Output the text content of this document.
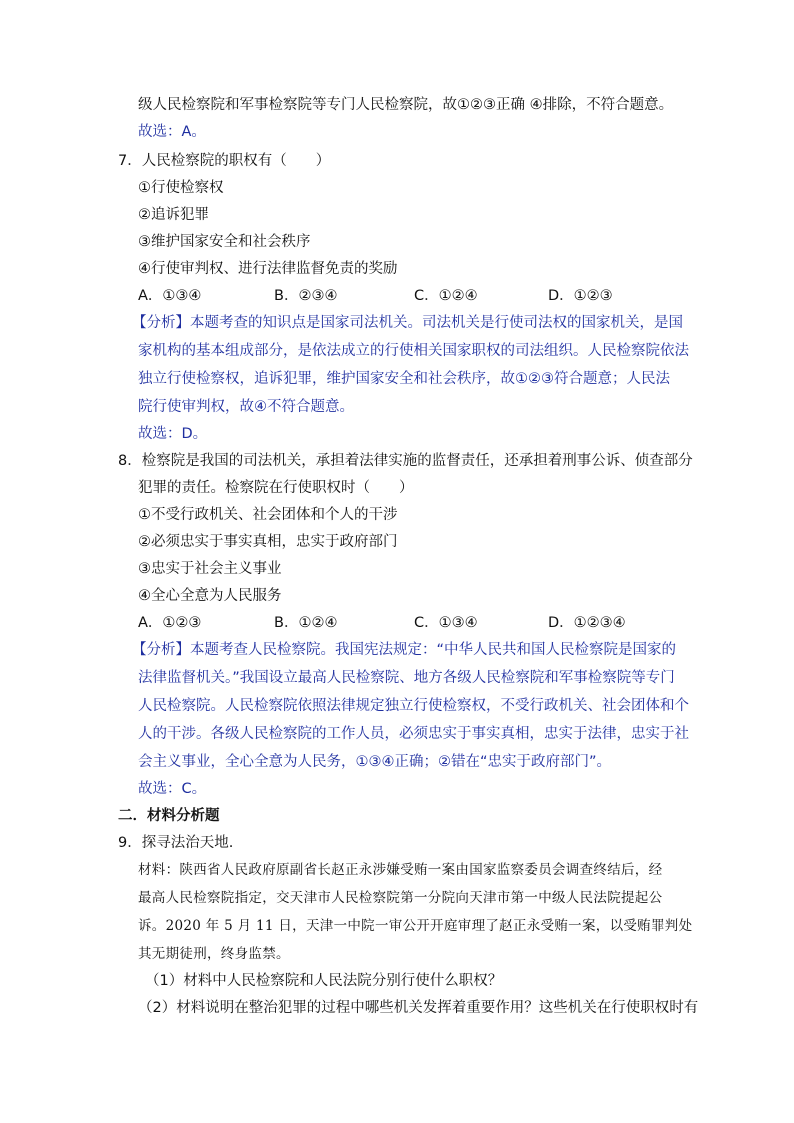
级人民检察院和军事检察院等专门人民检察院，故①②③正确 ④排除，不符合题意。
故选：A。
7．人民检察院的职权有（　　）
①行使检察权
②追诉犯罪
③维护国家安全和社会秩序
④行使审判权、进行法律监督免责的奖励
A．①③④	B．②③④	C．①②④	D．①②③
【分析】本题考查的知识点是国家司法机关。司法机关是行使司法权的国家机关，是国
家机构的基本组成部分，是依法成立的行使相关国家职权的司法组织。人民检察院依法
独立行使检察权，追诉犯罪，维护国家安全和社会秩序，故①②③符合题意；人民法
院行使审判权，故④不符合题意。
故选：D。
8．检察院是我国的司法机关，承担着法律实施的监督责任，还承担着刑事公诉、侦查部分
犯罪的责任。检察院在行使职权时（　　）
①不受行政机关、社会团体和个人的干涉
②必须忠实于事实真相，忠实于政府部门
③忠实于社会主义事业
④全心全意为人民服务
A．①②③	B．①②④	C．①③④	D．①②③④
【分析】本题考查人民检察院。我国宪法规定：“中华人民共和国人民检察院是国家的
法律监督机关。”我国设立最高人民检察院、地方各级人民检察院和军事检察院等专门
人民检察院。人民检察院依照法律规定独立行使检察权，不受行政机关、社会团体和个
人的干涉。各级人民检察院的工作人员，必须忠实于事实真相，忠实于法律，忠实于社
会主义事业，全心全意为人民务，①③④正确；②错在“忠实于政府部门”。
故选：C。
二．材料分析题
9．探寻法治天地.
材料：陕西省人民政府原副省长赵正永涉嫌受贿一案由国家监察委员会调查终结后，经
最高人民检察院指定，交天津市人民检察院第一分院向天津市第一中级人民法院提起公
诉。2020 年 5 月 11 日，天津一中院一审公开开庭审理了赵正永受贿一案，以受贿罪判处
其无期徒刑，终身监禁。
（1）材料中人民检察院和人民法院分别行使什么职权？
（2）材料说明在整治犯罪的过程中哪些机关发挥着重要作用？这些机关在行使职权时有
